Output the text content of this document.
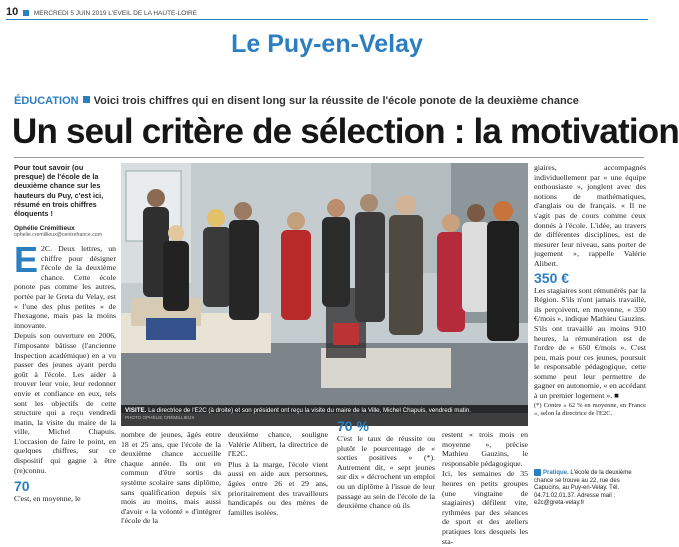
10 MERCREDI 5 JUIN 2019 L'EVEIL DE LA HAUTE-LOIRE
Le Puy-en-Velay
ÉDUCATION Voici trois chiffres qui en disent long sur la réussite de l'école ponote de la deuxième chance
Un seul critère de sélection : la motivation
Pour tout savoir (ou presque) de l'école de la deuxième chance sur les hauteurs du Puy, c'est ici, résumé en trois chiffres éloquents !
Ophélie Crémillieux
ophelie.cremillieux@centrefrance.com
E 2C. Deux lettres, un chiffre pour désigner l'école de la deuxième chance. Cette école ponote pas comme les autres, portée par le Greta du Velay, est « l'une des plus petites » de l'hexagone, mais pas la moins innovante.

Depuis son ouverture en 2006, l'imposante bâtisse (l'ancienne Inspection académique) en a vu passer des jeunes ayant perdu goût à l'école. Les aider à trouver leur voie, leur redonner envie et confiance en eux, tels sont les objectifs de cette structure qui a reçu vendredi matin, la visite du maire de la ville, Michel Chapuis. L'occasion de faire le point, en quelques chiffres, sur ce dispositif qui gagne à être (re)connu.

70

C'est, en moyenne, le

VISITE. La directrice de l'E2C (à droite) et son président ont reçu la visite du maire de la Ville, Michel Chapuis, vendredi matin.
PHOTO OPHÉLIE CRÉMILLIEUX

nombre de jeunes, âgés entre 18 et 25 ans, que l'école de la deuxième chance accueille chaque année. Ils ont en commun d'être sortis du système scolaire sans diplôme, sans qualification depuis six mois au moins, mais aussi d'avoir « la volonté » d'intégrer l'école de la

deuxième chance, souligne Valérie Alibert, la directrice de l'E2C.

Plus à la marge, l'école vient aussi en aide aux personnes, âgées entre 26 et 29 ans, prioritairement des travailleurs handicapés ou des mères de familles isolées.

70 %

C'est le taux de réussite ou plutôt le pourcentage de « sorties positives » (*). Autrement dit, « sept jeunes sur dix » décrochent un emploi ou un diplôme à l'issue de leur passage au sein de l'école de la deuxième chance où ils

restent « trois mois en moyenne », précise Mathieu Gauzins, le responsable pédagogique.

Ici, les semaines de 35 heures en petits groupes (une vingtaine de stagiaires) défilent vite, rythmées par des séances de sport et des ateliers pratiques lors desquels les sta-

giaires, accompagnés individuellement par « une équipe enthousiaste », jonglent avec des notions de mathématiques, d'anglais ou de français. « Il ne s'agit pas de cours comme ceux donnés à l'école. L'idée, au travers de différentes disciplines, est de mesurer leur niveau, sans porter de jugement », rappelle Valérie Alibert.

350 €

Les stagiaires sont rémunérés par la Région. S'ils n'ont jamais travaillé, ils perçoivent, en moyenne, « 350 €/mois », indique Mathieu Gauzins. S'ils ont travaillé au moins 910 heures, la rémunération est de l'ordre de « 650 €/mois ». C'est peu, mais pour ces jeunes, poursuit le responsable pédagogique, cette somme peut leur permettre de gagner en autonomie, « en accédant à un premier logement ». ■

(*) Contre « 62 % en moyenne, en France », selon la directrice de l'E2C.

Pratique. L'école de la deuxième chance se trouve au 22, rue des Capucins, au Puy-en-Velay. Tél. 04.71.02.01.37. Adresse mail : e2c@greta-velay.fr
